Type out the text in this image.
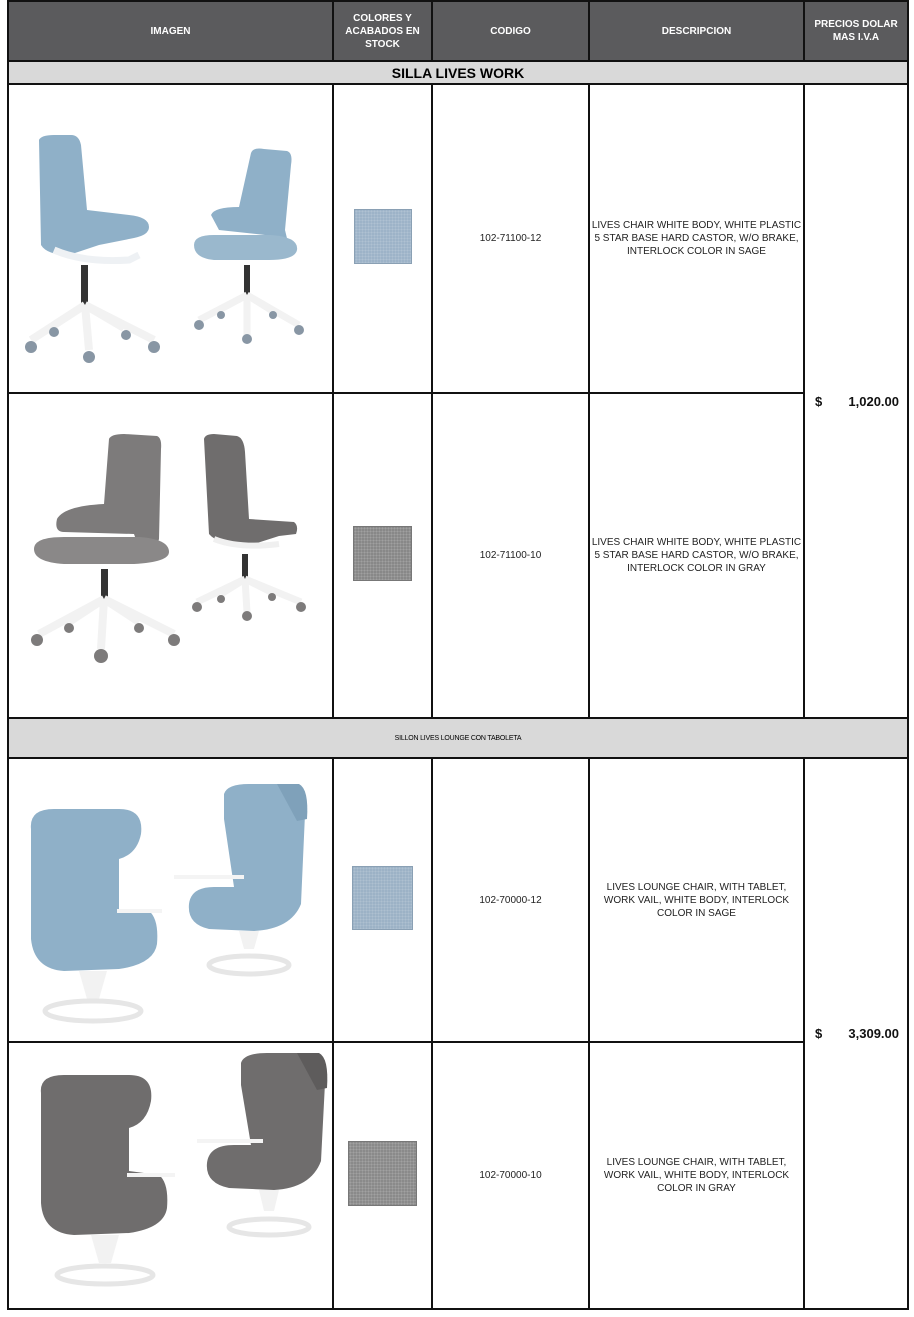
IMAGEN	COLORES Y ACABADOS EN STOCK	CODIGO	DESCRIPCION	PRECIOS DOLAR MAS I.V.A
SILLA LIVES WORK				

		102-71100-12	LIVES CHAIR WHITE BODY, WHITE PLASTIC 5 STAR BASE HARD CASTOR, W/O BRAKE, INTERLOCK COLOR IN SAGE	$ 1,020.00

		102-71100-10	LIVES CHAIR WHITE BODY, WHITE PLASTIC 5 STAR BASE HARD CASTOR, W/O BRAKE, INTERLOCK COLOR IN GRAY	
SILLON LIVES LOUNGE CON TABOLETA				

		102-70000-12	LIVES LOUNGE CHAIR, WITH TABLET, WORK VAIL, WHITE BODY, INTERLOCK COLOR IN SAGE	$ 3,309.00

		102-70000-10	LIVES LOUNGE CHAIR, WITH TABLET, WORK VAIL, WHITE BODY, INTERLOCK COLOR IN GRAY	
